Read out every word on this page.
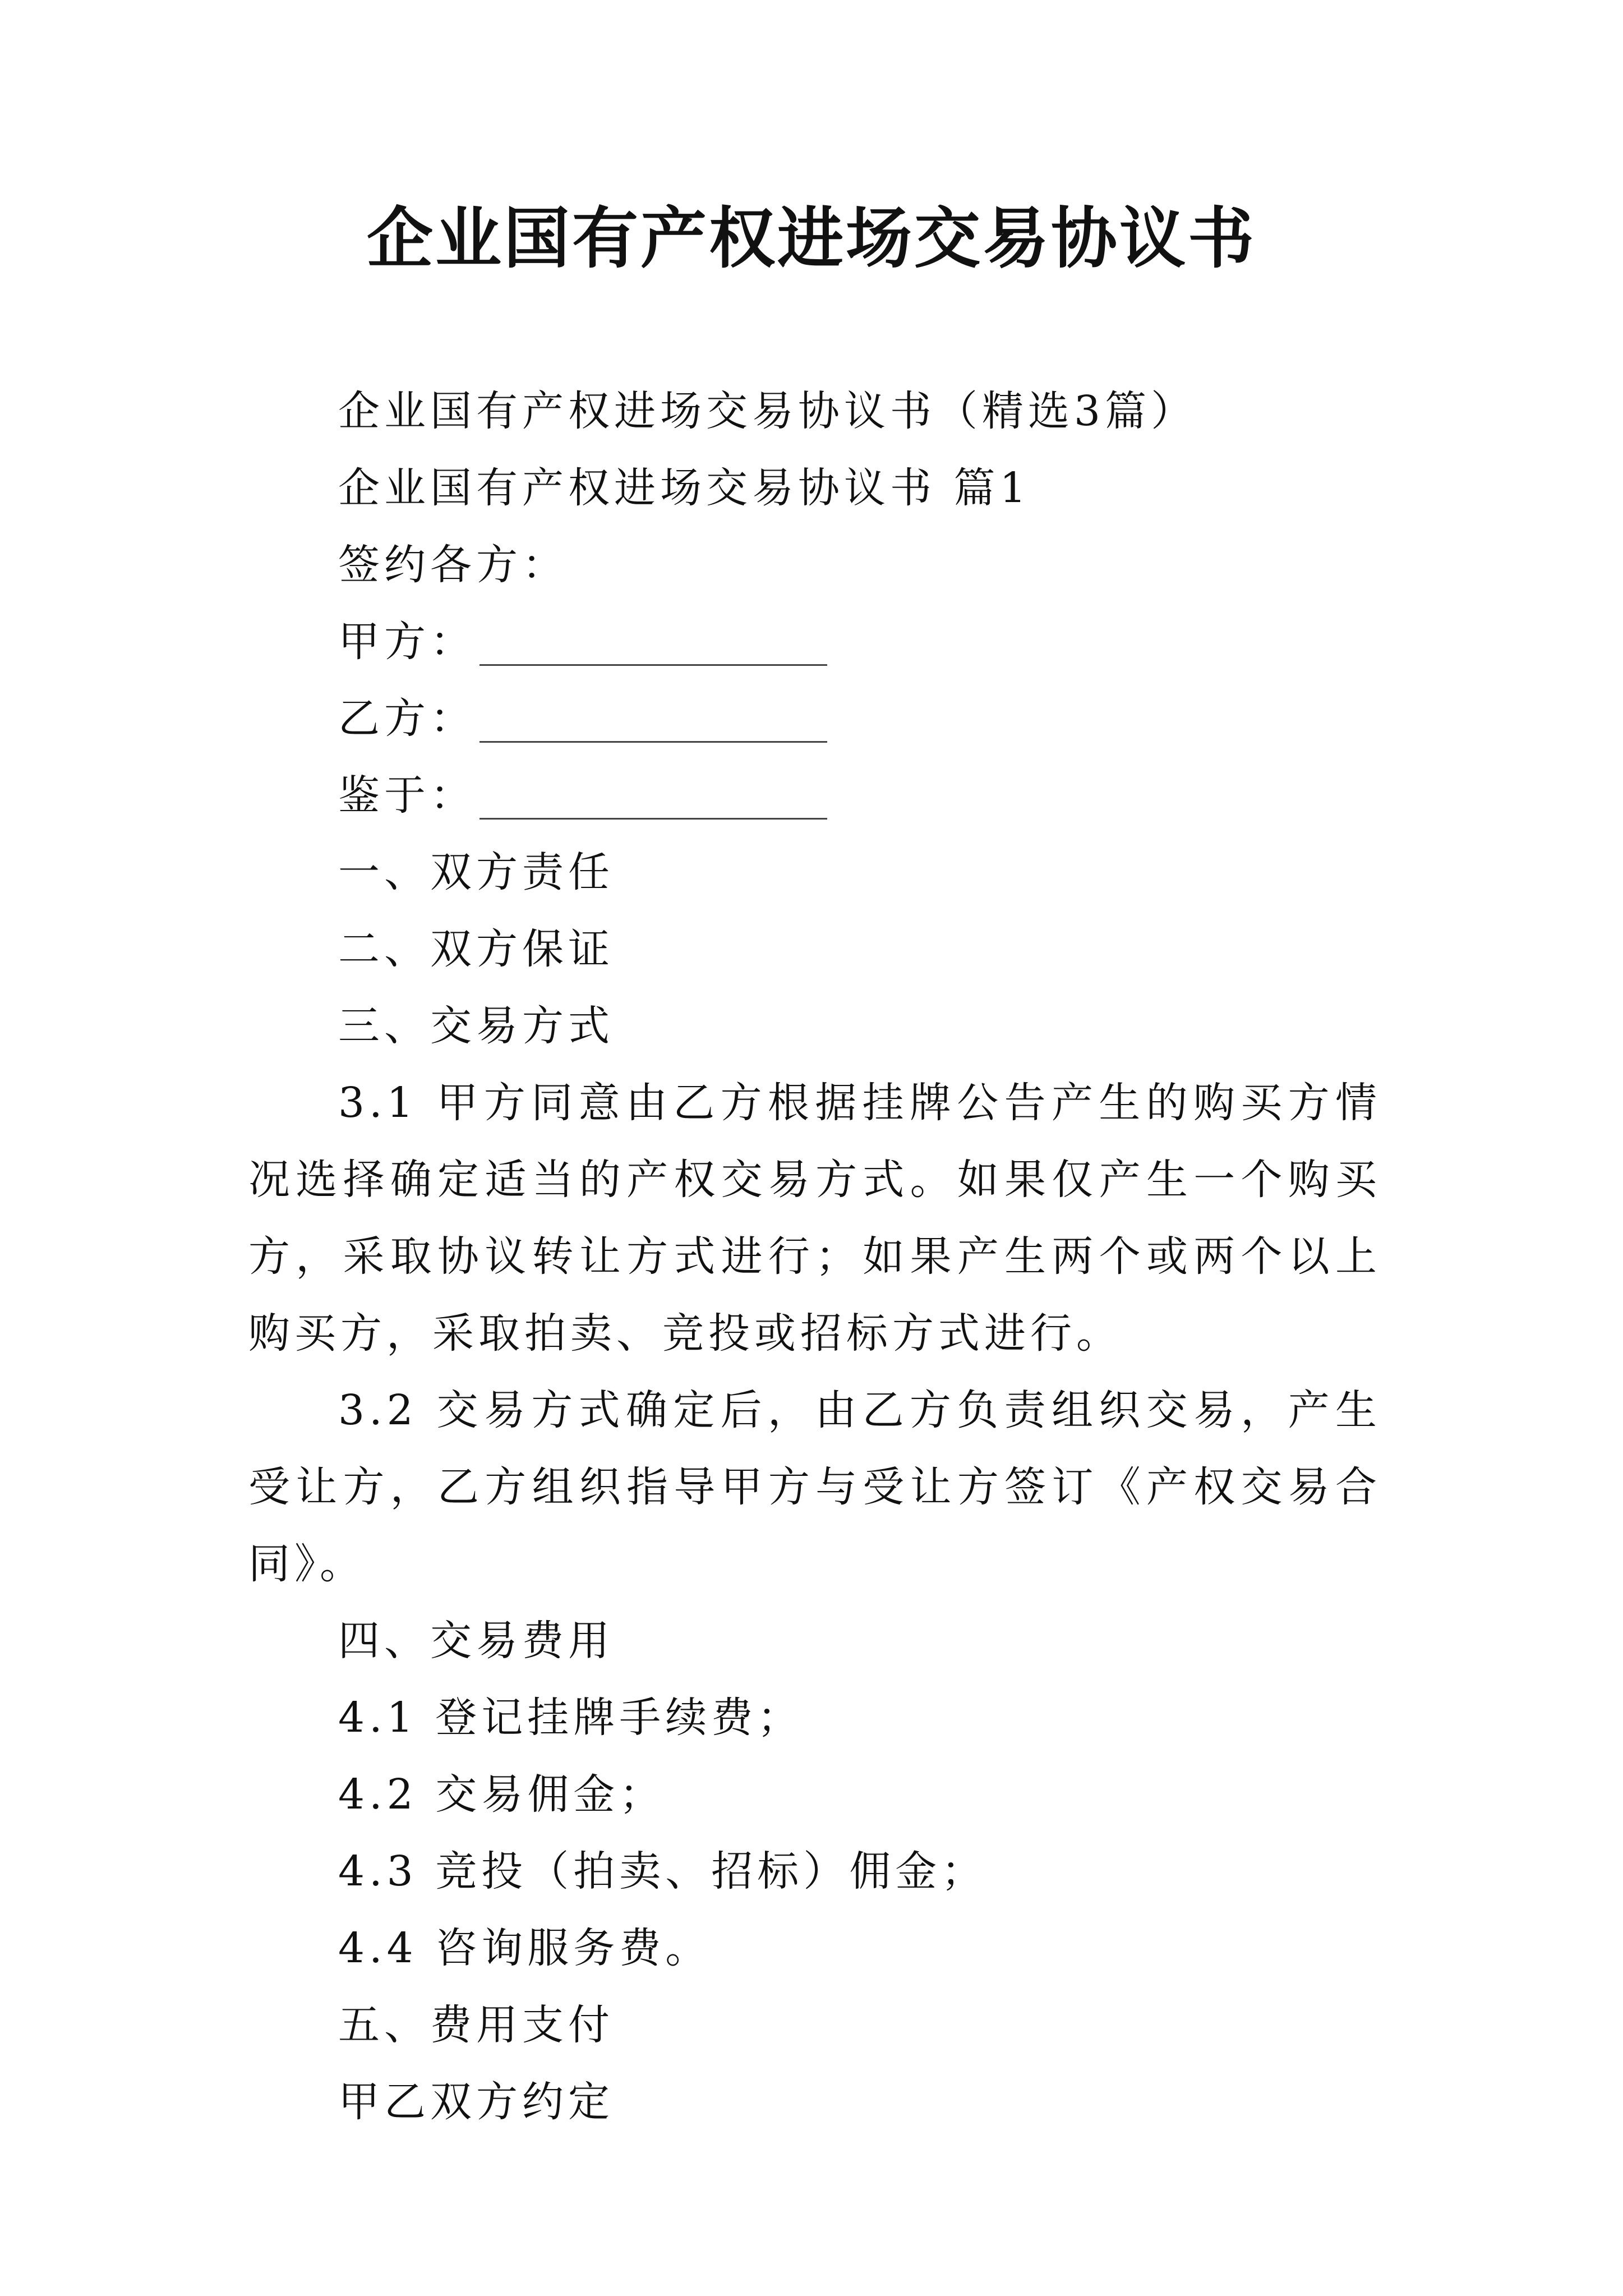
企业国有产权进场交易协议书
企业国有产权进场交易协议书（精选3篇）
企业国有产权进场交易协议书 篇1
签约各方：
甲方：
乙方：
鉴于：
一、双方责任
二、双方保证
三、交易方式
3.1 甲方同意由乙方根据挂牌公告产生的购买方情况选择确定适当的产权交易方式。如果仅产生一个购买方，采取协议转让方式进行；如果产生两个或两个以上购买方，采取拍卖、竞投或招标方式进行。
3.2 交易方式确定后，由乙方负责组织交易，产生受让方，乙方组织指导甲方与受让方签订《产权交易合同》。
四、交易费用
4.1 登记挂牌手续费；
4.2 交易佣金；
4.3 竞投（拍卖、招标）佣金；
4.4 咨询服务费。
五、费用支付
甲乙双方约定
